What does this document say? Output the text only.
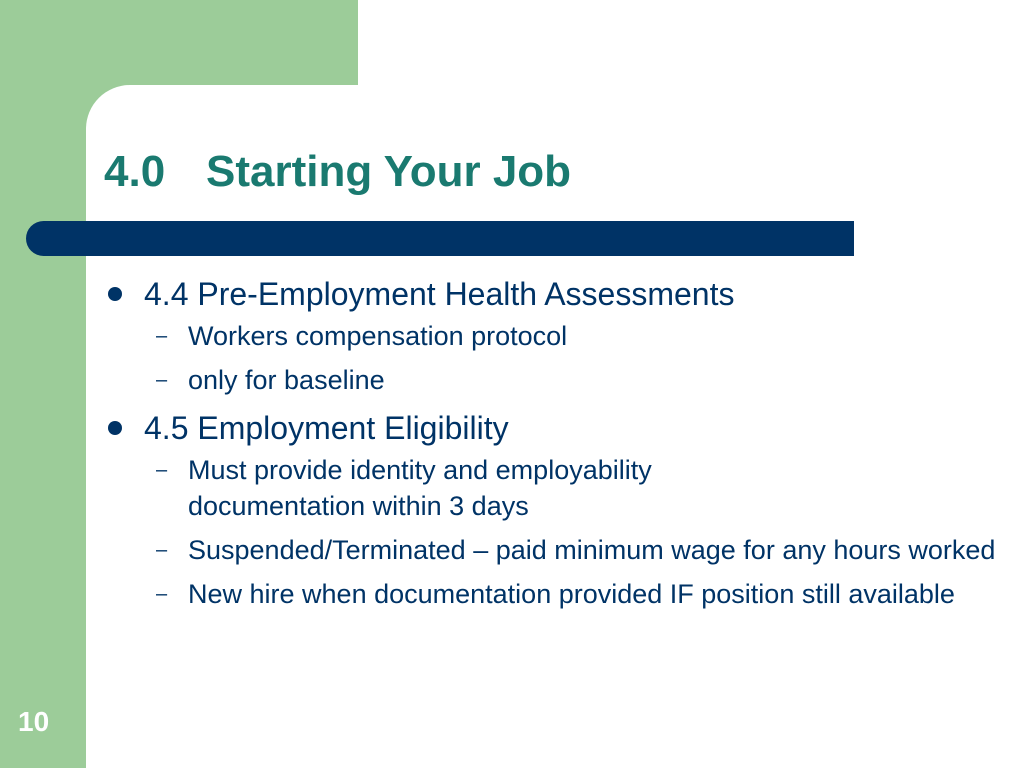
4.0 Starting Your Job
4.4 Pre-Employment Health Assessments
– Workers compensation protocol
– only for baseline
4.5 Employment Eligibility
– Must provide identity and employability documentation within 3 days
– Suspended/Terminated – paid minimum wage for any hours worked
– New hire when documentation provided IF position still available
10
